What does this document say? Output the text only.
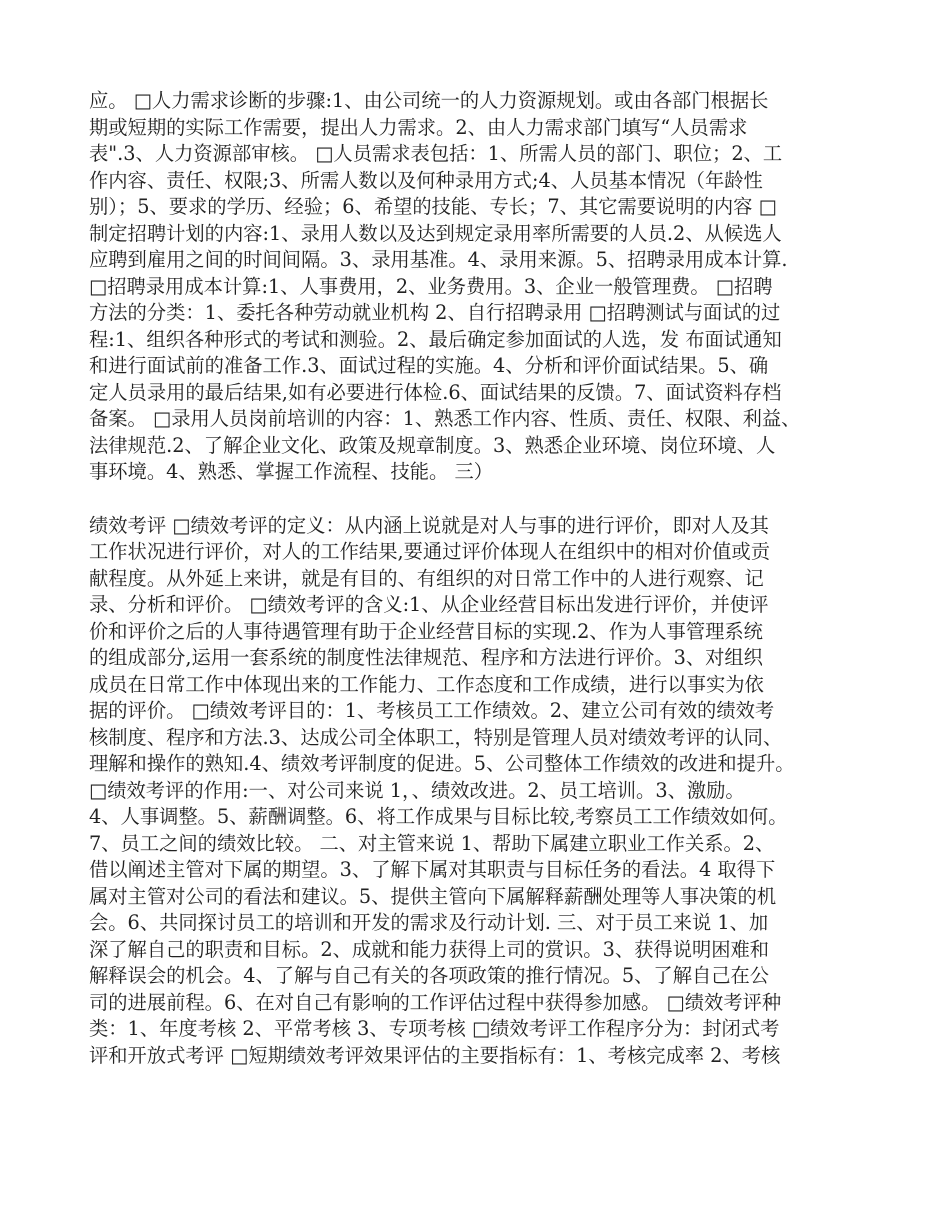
应。 □人力需求诊断的步骤:1、由公司统一的人力资源规划。或由各部门根据长
期或短期的实际工作需要，提出人力需求。2、由人力需求部门填写“人员需求
表".3、人力资源部审核。 □人员需求表包括：1、所需人员的部门、职位；2、工
作内容、责任、权限;3、所需人数以及何种录用方式;4、人员基本情况（年龄性
别）；5、要求的学历、经验；6、希望的技能、专长；7、其它需要说明的内容 □
制定招聘计划的内容:1、录用人数以及达到规定录用率所需要的人员.2、从候选人
应聘到雇用之间的时间间隔。3、录用基准。4、录用来源。5、招聘录用成本计算.
□招聘录用成本计算:1、人事费用，2、业务费用。3、企业一般管理费。 □招聘
方法的分类：1、委托各种劳动就业机构 2、自行招聘录用 □招聘测试与面试的过
程:1、组织各种形式的考试和测验。2、最后确定参加面试的人选，发 布面试通知
和进行面试前的准备工作.3、面试过程的实施。4、分析和评价面试结果。5、确
定人员录用的最后结果,如有必要进行体检.6、面试结果的反馈。7、面试资料存档
备案。 □录用人员岗前培训的内容：1、熟悉工作内容、性质、责任、权限、利益、
法律规范.2、了解企业文化、政策及规章制度。3、熟悉企业环境、岗位环境、人
事环境。4、熟悉、掌握工作流程、技能。 三）
绩效考评 □绩效考评的定义：从内涵上说就是对人与事的进行评价，即对人及其
工作状况进行评价，对人的工作结果,要通过评价体现人在组织中的相对价值或贡
献程度。从外延上来讲，就是有目的、有组织的对日常工作中的人进行观察、记
录、分析和评价。 □绩效考评的含义:1、从企业经营目标出发进行评价，并使评
价和评价之后的人事待遇管理有助于企业经营目标的实现.2、作为人事管理系统
的组成部分,运用一套系统的制度性法律规范、程序和方法进行评价。3、对组织
成员在日常工作中体现出来的工作能力、工作态度和工作成绩，进行以事实为依
据的评价。 □绩效考评目的：1、考核员工工作绩效。2、建立公司有效的绩效考
核制度、程序和方法.3、达成公司全体职工，特别是管理人员对绩效考评的认同、
理解和操作的熟知.4、绩效考评制度的促进。5、公司整体工作绩效的改进和提升。
□绩效考评的作用:一、对公司来说 1，、绩效改进。2、员工培训。3、激励。
4、人事调整。5、薪酬调整。6、将工作成果与目标比较,考察员工工作绩效如何。
7、员工之间的绩效比较。 二、对主管来说 1、帮助下属建立职业工作关系。2、
借以阐述主管对下属的期望。3、了解下属对其职责与目标任务的看法。4 取得下
属对主管对公司的看法和建议。5、提供主管向下属解释薪酬处理等人事决策的机
会。6、共同探讨员工的培训和开发的需求及行动计划. 三、对于员工来说 1、加
深了解自己的职责和目标。2、成就和能力获得上司的赏识。3、获得说明困难和
解释误会的机会。4、了解与自己有关的各项政策的推行情况。5、了解自己在公
司的进展前程。6、在对自己有影响的工作评估过程中获得参加感。 □绩效考评种
类：1、年度考核 2、平常考核 3、专项考核 □绩效考评工作程序分为：封闭式考
评和开放式考评 □短期绩效考评效果评估的主要指标有：1、考核完成率 2、考核
